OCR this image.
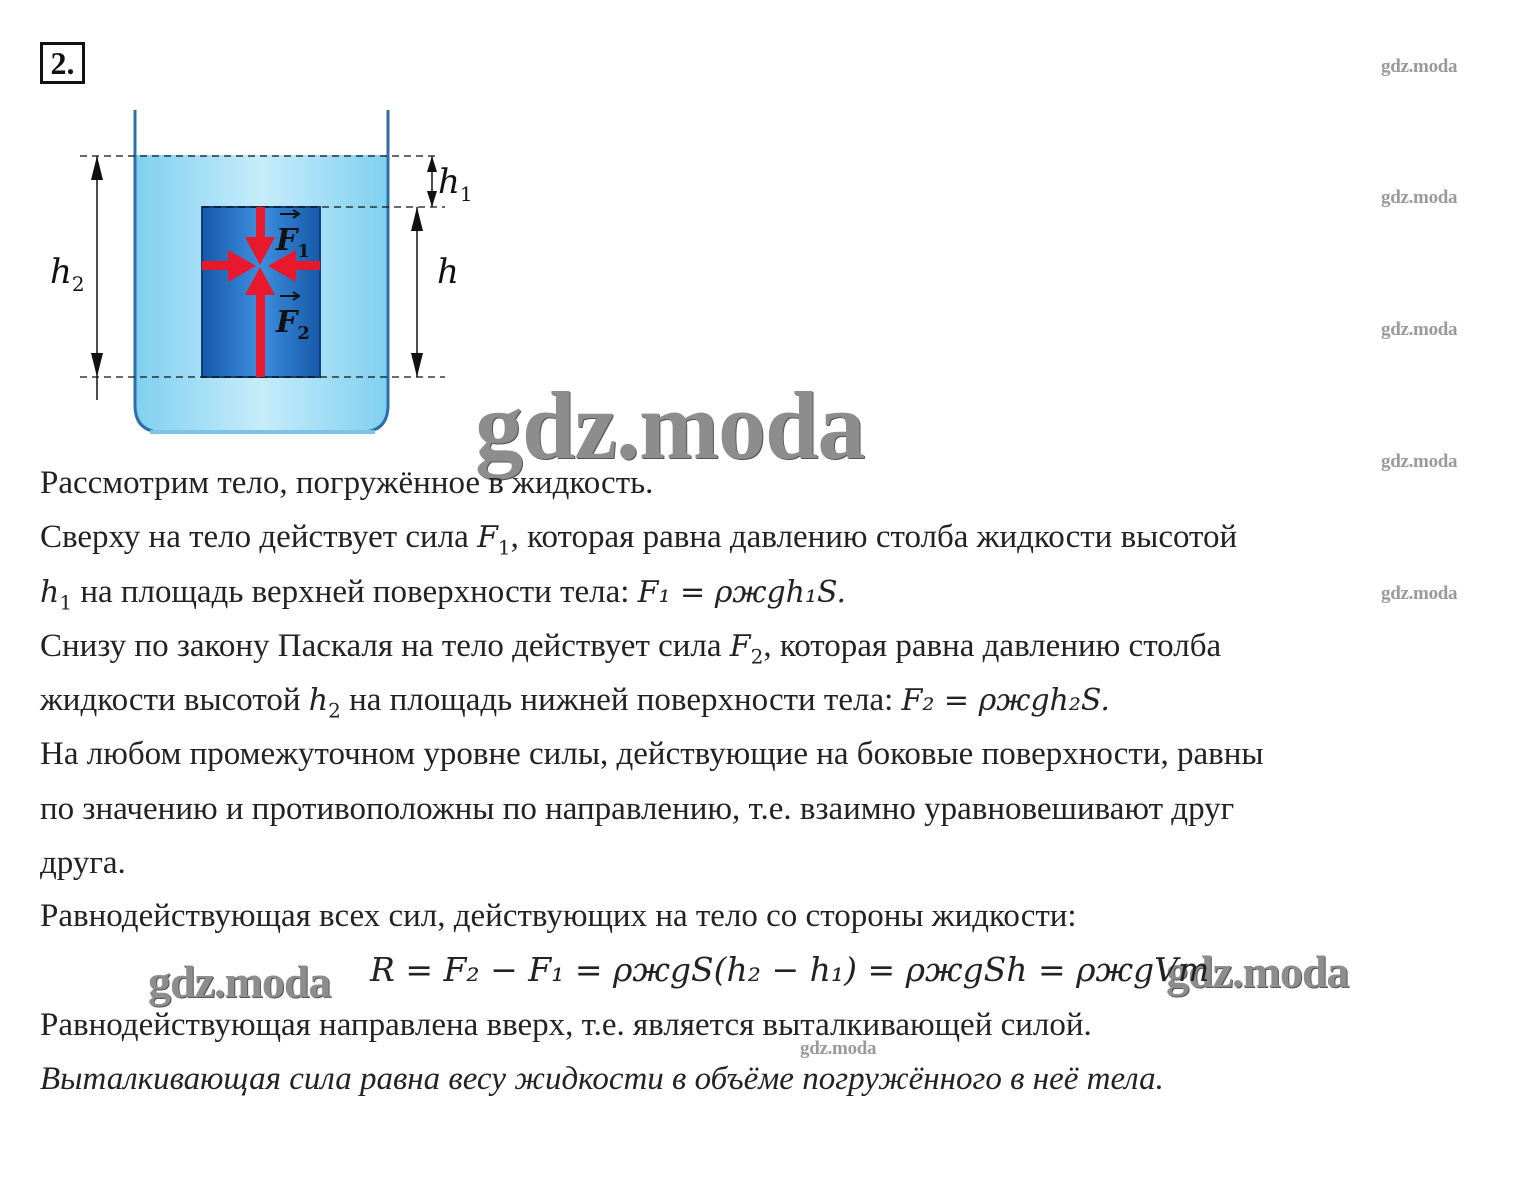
2.
$h_1$
h
$h_2$
$F_1$
$F_2$
gdz.moda
gdz.moda
gdz.moda
gdz.moda
gdz.moda
gdz.moda
gdz.moda
gdz.moda	gdz.moda
Рассмотрим тело, погружённое в жидкость.
Сверху на тело действует сила $F_1$, которая равна давлению столба жидкости высотой
$h_1$ на площадь верхней поверхности тела: F₁ = ρжgh₁S.
Снизу по закону Паскаля на тело действует сила $F_2$, которая равна давлению столба
жидкости высотой $h_2$ на площадь нижней поверхности тела: F₂ = ρжgh₂S.
На любом промежуточном уровне силы, действующие на боковые поверхности, равны
по значению и противоположны по направлению, т.е. взаимно уравновешивают друг
друга.
Равнодействующая всех сил, действующих на тело со стороны жидкости:
R = F₂ − F₁ = ρжgS(h₂ − h₁) = ρжgSh = ρжgVт
Равнодействующая направлена вверх, т.е. является выталкивающей силой.
Выталкивающая сила равна весу жидкости в объёме погружённого в неё тела.
